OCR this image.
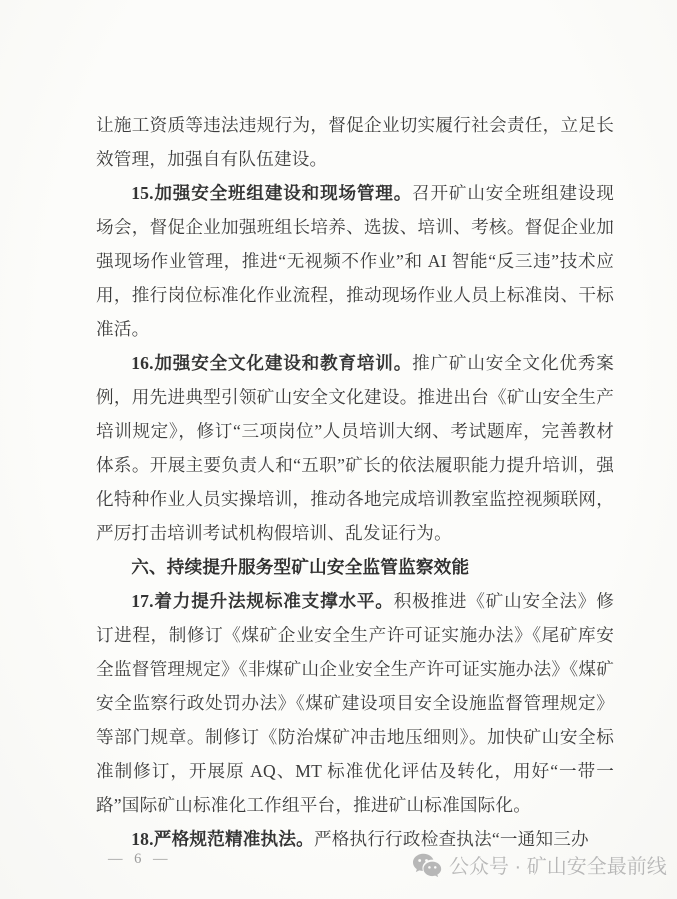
让施工资质等违法违规行为，督促企业切实履行社会责任，立足长效管理，加强自有队伍建设。

15.加强安全班组建设和现场管理。召开矿山安全班组建设现场会，督促企业加强班组长培养、选拔、培训、考核。督促企业加强现场作业管理，推进“无视频不作业”和 AI 智能“反三违”技术应用，推行岗位标准化作业流程，推动现场作业人员上标准岗、干标准活。

16.加强安全文化建设和教育培训。推广矿山安全文化优秀案例，用先进典型引领矿山安全文化建设。推进出台《矿山安全生产培训规定》，修订“三项岗位”人员培训大纲、考试题库，完善教材体系。开展主要负责人和“五职”矿长的依法履职能力提升培训，强化特种作业人员实操培训，推动各地完成培训教室监控视频联网，严厉打击培训考试机构假培训、乱发证行为。

六、持续提升服务型矿山安全监管监察效能

17.着力提升法规标准支撑水平。积极推进《矿山安全法》修订进程，制修订《煤矿企业安全生产许可证实施办法》《尾矿库安全监督管理规定》《非煤矿山企业安全生产许可证实施办法》《煤矿安全监察行政处罚办法》《煤矿建设项目安全设施监督管理规定》等部门规章。制修订《防治煤矿冲击地压细则》。加快矿山安全标准制修订，开展原 AQ、MT 标准优化评估及转化，用好“一带一路”国际矿山标准化工作组平台，推进矿山标准国际化。

18.严格规范精准执法。严格执行行政检查执法“一通知三办

— 6 —	公众号 · 矿山安全最前线
